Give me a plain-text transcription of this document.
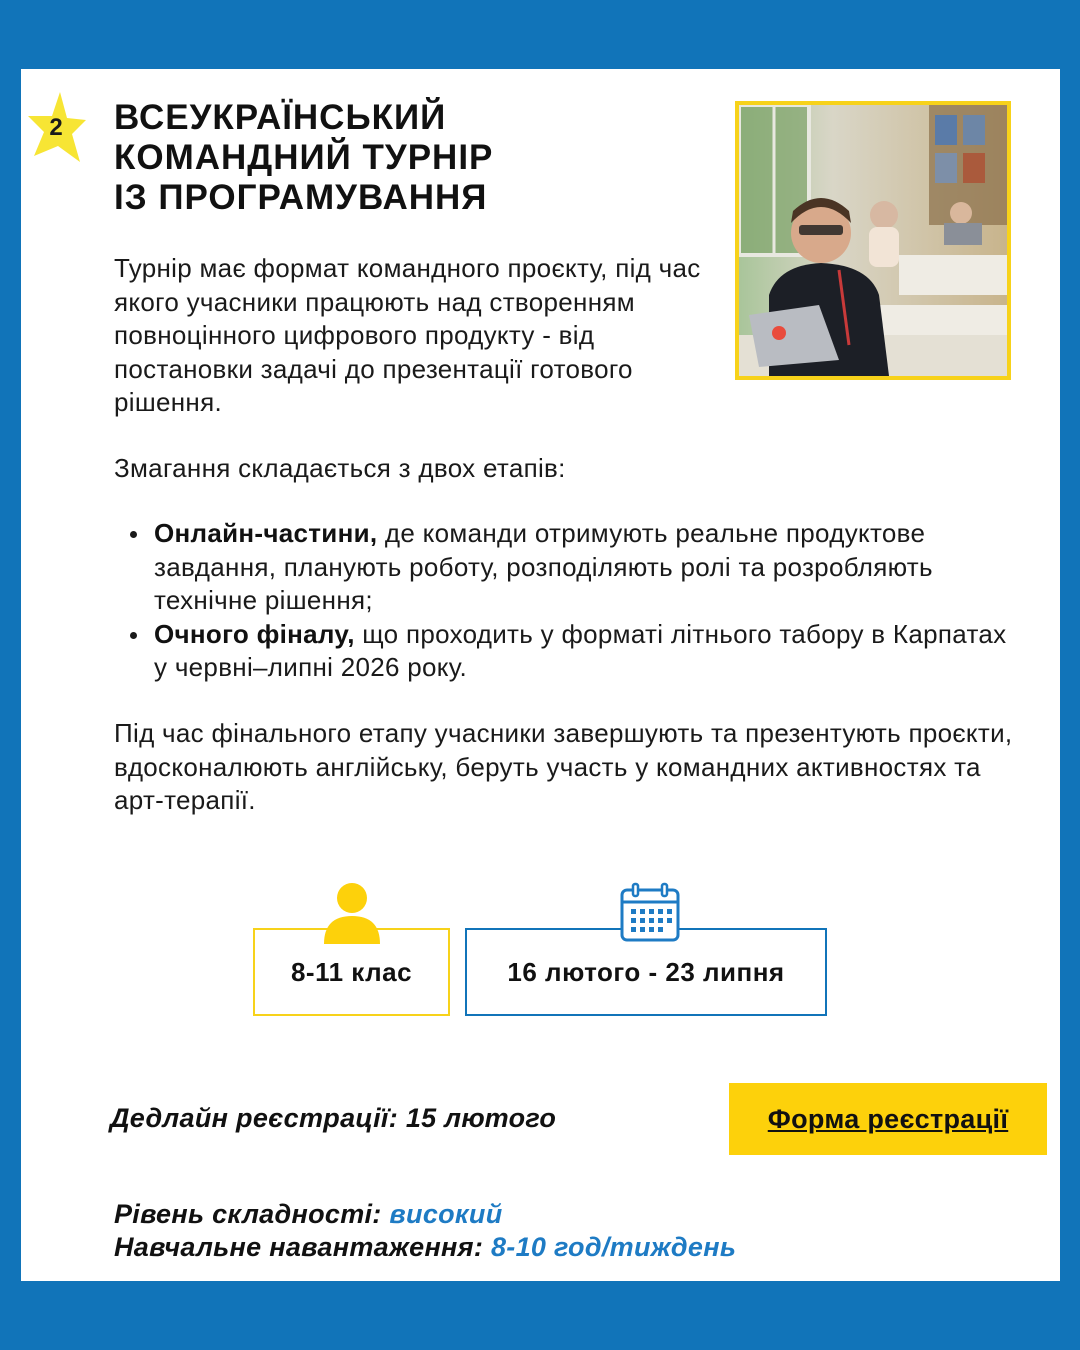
2 ВСЕУКРАЇНСЬКИЙ
КОМАНДНИЙ ТУРНІР
ІЗ ПРОГРАМУВАННЯ

Турнір має формат командного проєкту, під час якого учасники працюють над створенням повноцінного цифрового продукту - від постановки задачі до презентації готового рішення.

Змагання складається з двох етапів:

Онлайн-частини, де команди отримують реальне продуктове завдання, планують роботу, розподіляють ролі та розробляють технічне рішення;
Очного фіналу, що проходить у форматі літнього табору в Карпатах у червні–липні 2026 року.

Під час фінального етапу учасники завершують та презентують проєкти, вдосконалюють англійську, беруть участь у командних активностях та арт-терапії.

8-11 клас	16 лютого - 23 липня

Дедлайн реєстрації: 15 лютого	Форма реєстрації

Рівень складності: високий

Навчальне навантаження: 8-10 год/тиждень
